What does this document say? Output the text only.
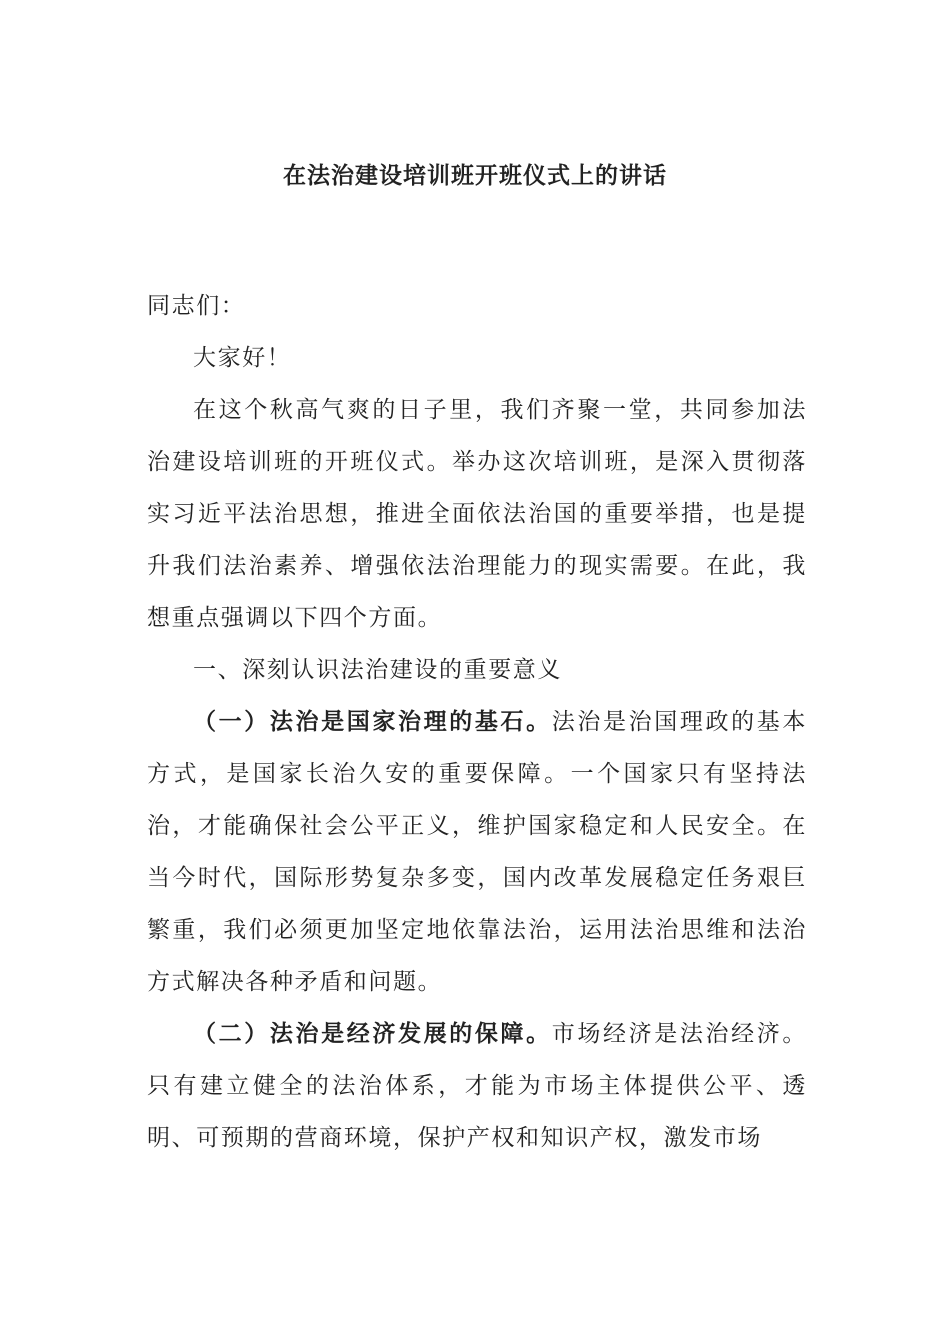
在法治建设培训班开班仪式上的讲话

同志们：

大家好！

在这个秋高气爽的日子里，我们齐聚一堂，共同参加法治建设培训班的开班仪式。举办这次培训班，是深入贯彻落实习近平法治思想，推进全面依法治国的重要举措，也是提升我们法治素养、增强依法治理能力的现实需要。在此，我想重点强调以下四个方面。

一、深刻认识法治建设的重要意义

（一）法治是国家治理的基石。法治是治国理政的基本方式，是国家长治久安的重要保障。一个国家只有坚持法治，才能确保社会公平正义，维护国家稳定和人民安全。在当今时代，国际形势复杂多变，国内改革发展稳定任务艰巨繁重，我们必须更加坚定地依靠法治，运用法治思维和法治方式解决各种矛盾和问题。

（二）法治是经济发展的保障。市场经济是法治经济。只有建立健全的法治体系，才能为市场主体提供公平、透明、可预期的营商环境，保护产权和知识产权，激发市场
